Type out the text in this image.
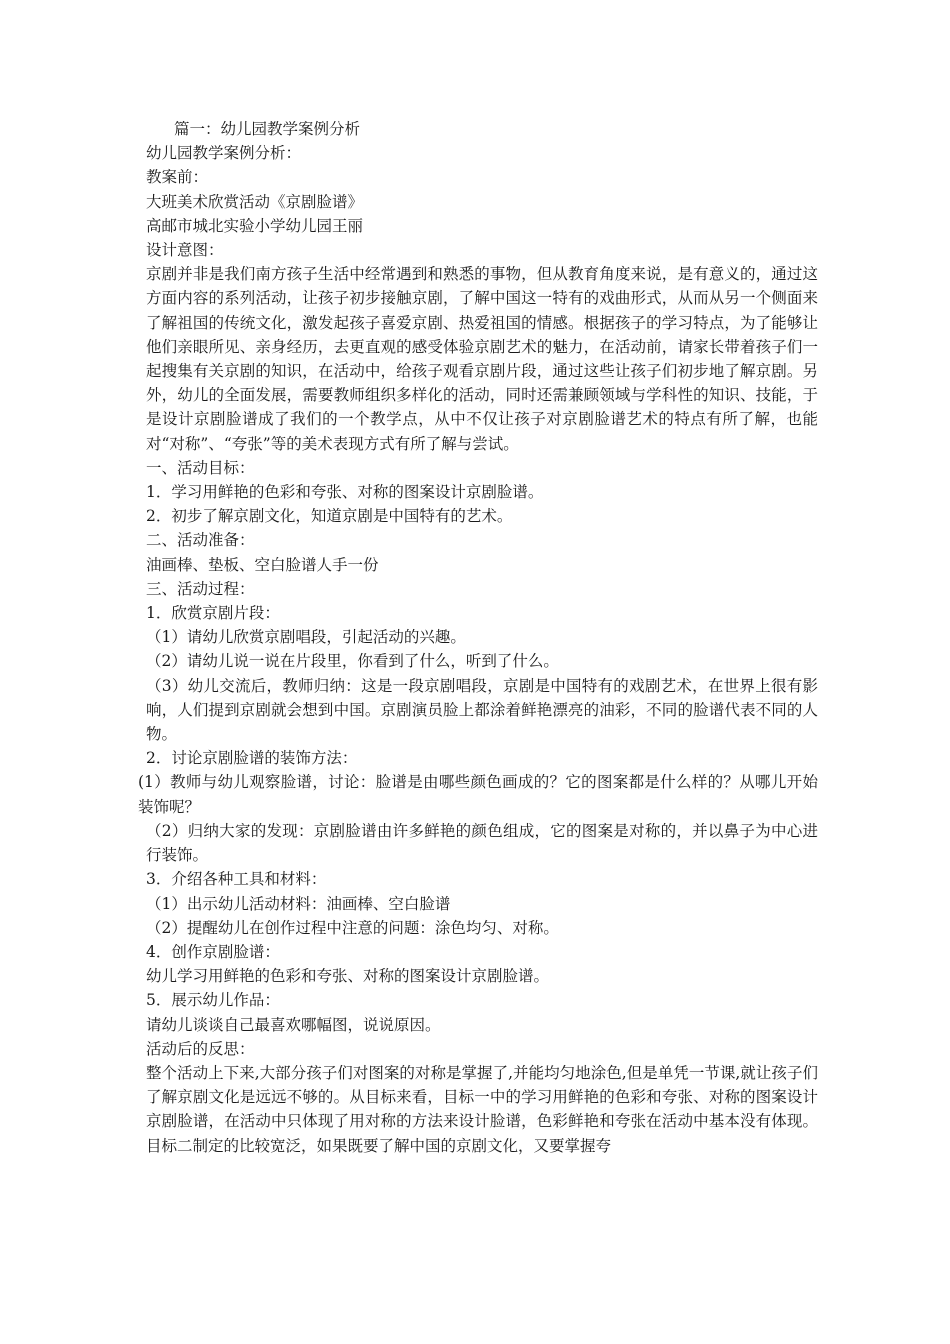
篇一：幼儿园教学案例分析

幼儿园教学案例分析：

教案前：

大班美术欣赏活动《京剧脸谱》

高邮市城北实验小学幼儿园王丽

设计意图：

京剧并非是我们南方孩子生活中经常遇到和熟悉的事物，但从教育角度来说，是有意义的，通过这方面内容的系列活动，让孩子初步接触京剧，了解中国这一特有的戏曲形式，从而从另一个侧面来了解祖国的传统文化，激发起孩子喜爱京剧、热爱祖国的情感。根据孩子的学习特点，为了能够让他们亲眼所见、亲身经历，去更直观的感受体验京剧艺术的魅力，在活动前，请家长带着孩子们一起搜集有关京剧的知识，在活动中，给孩子观看京剧片段，通过这些让孩子们初步地了解京剧。另外，幼儿的全面发展，需要教师组织多样化的活动，同时还需兼顾领域与学科性的知识、技能，于是设计京剧脸谱成了我们的一个教学点，从中不仅让孩子对京剧脸谱艺术的特点有所了解，也能对“对称”、“夸张”等的美术表现方式有所了解与尝试。

一、活动目标：

1．学习用鲜艳的色彩和夸张、对称的图案设计京剧脸谱。

2．初步了解京剧文化，知道京剧是中国特有的艺术。

二、活动准备：

油画棒、垫板、空白脸谱人手一份

三、活动过程：

1．欣赏京剧片段：

（1）请幼儿欣赏京剧唱段，引起活动的兴趣。

（2）请幼儿说一说在片段里，你看到了什么，听到了什么。

（3）幼儿交流后，教师归纳：这是一段京剧唱段，京剧是中国特有的戏剧艺术，在世界上很有影响，人们提到京剧就会想到中国。京剧演员脸上都涂着鲜艳漂亮的油彩，不同的脸谱代表不同的人物。

2．讨论京剧脸谱的装饰方法：

(1）教师与幼儿观察脸谱，讨论：脸谱是由哪些颜色画成的？它的图案都是什么样的？从哪儿开始装饰呢？

（2）归纳大家的发现：京剧脸谱由许多鲜艳的颜色组成，它的图案是对称的，并以鼻子为中心进行装饰。

3．介绍各种工具和材料：

（1）出示幼儿活动材料：油画棒、空白脸谱

（2）提醒幼儿在创作过程中注意的问题：涂色均匀、对称。

4．创作京剧脸谱：

幼儿学习用鲜艳的色彩和夸张、对称的图案设计京剧脸谱。

5．展示幼儿作品：

请幼儿谈谈自己最喜欢哪幅图，说说原因。

活动后的反思：

整个活动上下来,大部分孩子们对图案的对称是掌握了,并能均匀地涂色,但是单凭一节课,就让孩子们了解京剧文化是远远不够的。从目标来看，目标一中的学习用鲜艳的色彩和夸张、对称的图案设计京剧脸谱，在活动中只体现了用对称的方法来设计脸谱，色彩鲜艳和夸张在活动中基本没有体现。目标二制定的比较宽泛，如果既要了解中国的京剧文化，又要掌握夸
